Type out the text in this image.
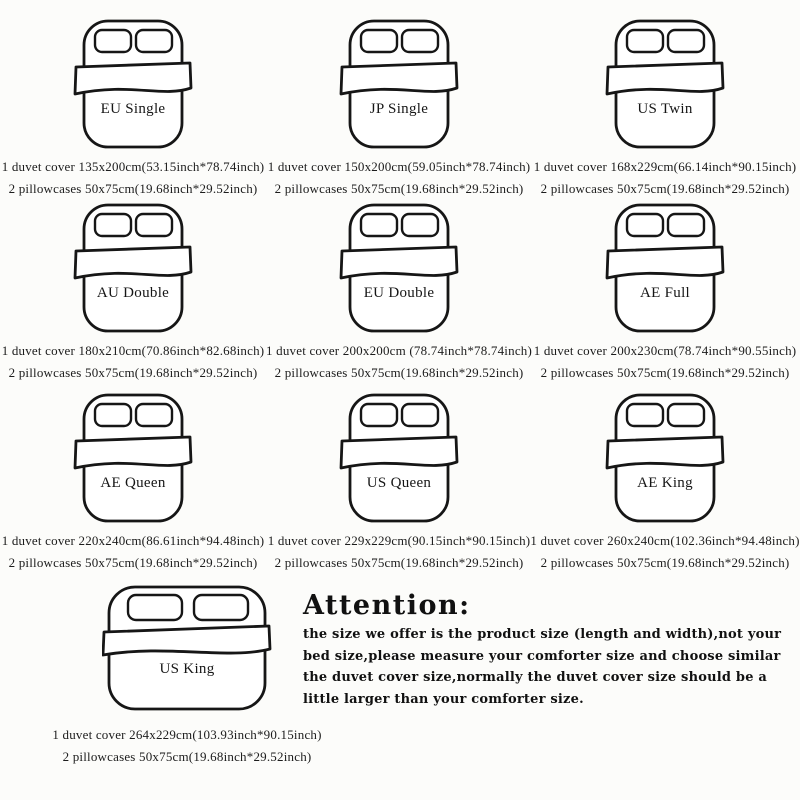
EU Single
1 duvet cover 135x200cm(53.15inch*78.74inch)
2 pillowcases 50x75cm(19.68inch*29.52inch)
JP Single
1 duvet cover 150x200cm(59.05inch*78.74inch)
2 pillowcases 50x75cm(19.68inch*29.52inch)
US Twin
1 duvet cover 168x229cm(66.14inch*90.15inch)
2 pillowcases 50x75cm(19.68inch*29.52inch)
AU Double
1 duvet cover 180x210cm(70.86inch*82.68inch)
2 pillowcases 50x75cm(19.68inch*29.52inch)
EU Double
1 duvet cover 200x200cm (78.74inch*78.74inch)
2 pillowcases 50x75cm(19.68inch*29.52inch)
AE Full
1 duvet cover 200x230cm(78.74inch*90.55inch)
2 pillowcases 50x75cm(19.68inch*29.52inch)
AE Queen
1 duvet cover 220x240cm(86.61inch*94.48inch)
2 pillowcases 50x75cm(19.68inch*29.52inch)
US Queen
1 duvet cover 229x229cm(90.15inch*90.15inch)
2 pillowcases 50x75cm(19.68inch*29.52inch)
AE King
1 duvet cover 260x240cm(102.36inch*94.48inch)
2 pillowcases 50x75cm(19.68inch*29.52inch)
US King
1 duvet cover 264x229cm(103.93inch*90.15inch)
2 pillowcases 50x75cm(19.68inch*29.52inch)
Attention:
the size we offer is the product size (length and width),not your bed size,please measure your comforter size and choose similar the duvet cover size,normally the duvet cover size should be a little larger than your comforter size.
